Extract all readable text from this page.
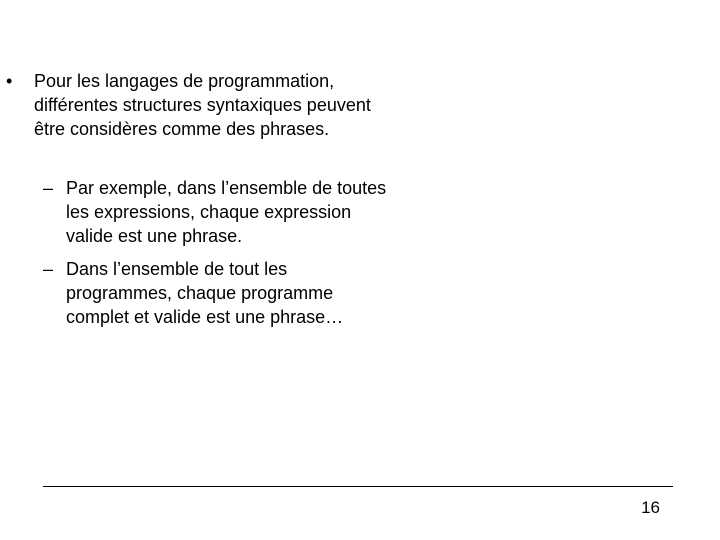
•	Pour les langages de programmation, différentes structures syntaxiques peuvent être considères comme des phrases.
– Par exemple, dans l’ensemble de toutes les expressions, chaque expression valide est une phrase.
– Dans l’ensemble de tout les programmes, chaque programme complet et valide est une phrase…
16
